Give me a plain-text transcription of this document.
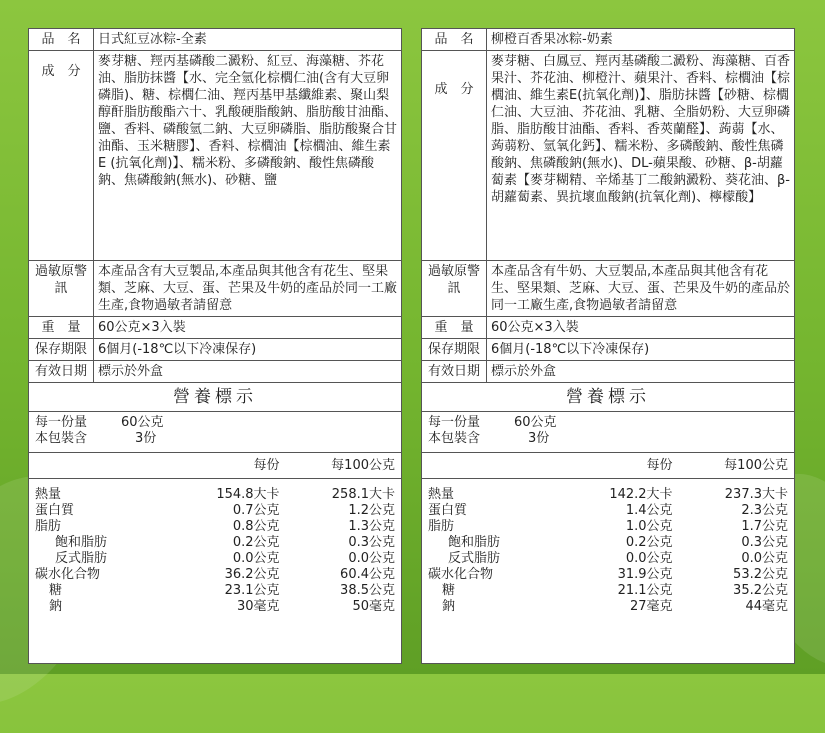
品　名	日式紅豆冰粽-全素
成　分	麥芽糖、羥丙基磷酸二澱粉、紅豆、海藻糖、芥花油、脂肪抹醬【水、完全氫化棕櫚仁油(含有大豆卵磷脂)、糖、棕櫚仁油、羥丙基甲基纖維素、聚山梨醇酐脂肪酸酯六十、乳酸硬脂酸鈉、脂肪酸甘油酯、鹽、香料、磷酸氫二鈉、大豆卵磷脂、脂肪酸聚合甘油酯、玉米糖膠】、香料、棕櫚油【棕櫚油、維生素E (抗氧化劑)】、糯米粉、多磷酸鈉、酸性焦磷酸鈉、焦磷酸鈉(無水)、砂糖、鹽
過敏原警訊	本產品含有大豆製品,本產品與其他含有花生、堅果類、芝麻、大豆、蛋、芒果及牛奶的產品於同一工廠生產,食物過敏者請留意
重　量	60公克×3入裝
保存期限	6個月(-18℃以下冷凍保存)
有效日期	標示於外盒
營養標示
每一份量	60公克
本包裝含	3份
	每份	每100公克
熱量	154.8大卡	258.1大卡
蛋白質	0.7公克	1.2公克
脂肪	0.8公克	1.3公克
飽和脂肪	0.2公克	0.3公克
反式脂肪	0.0公克	0.0公克
碳水化合物	36.2公克	60.4公克
糖	23.1公克	38.5公克
鈉	30毫克	50毫克
品　名	柳橙百香果冰粽-奶素
成　分	麥芽糖、白鳳豆、羥丙基磷酸二澱粉、海藻糖、百香果汁、芥花油、柳橙汁、蘋果汁、香料、棕櫚油【棕櫚油、維生素E(抗氧化劑)】、脂肪抹醬【砂糖、棕櫚仁油、大豆油、芥花油、乳糖、全脂奶粉、大豆卵磷脂、脂肪酸甘油酯、香料、香莢蘭醛】、蒟蒻【水、蒟蒻粉、氫氧化鈣】、糯米粉、多磷酸鈉、酸性焦磷酸鈉、焦磷酸鈉(無水)、DL-蘋果酸、砂糖、β-胡蘿蔔素【麥芽糊精、辛烯基丁二酸鈉澱粉、葵花油、β-胡蘿蔔素、異抗壞血酸鈉(抗氧化劑)、檸檬酸】
過敏原警訊	本產品含有牛奶、大豆製品,本產品與其他含有花生、堅果類、芝麻、大豆、蛋、芒果及牛奶的產品於同一工廠生產,食物過敏者請留意
重　量	60公克×3入裝
保存期限	6個月(-18℃以下冷凍保存)
有效日期	標示於外盒
營養標示
每一份量	60公克
本包裝含	3份
	每份	每100公克
熱量	142.2大卡	237.3大卡
蛋白質	1.4公克	2.3公克
脂肪	1.0公克	1.7公克
飽和脂肪	0.2公克	0.3公克
反式脂肪	0.0公克	0.0公克
碳水化合物	31.9公克	53.2公克
糖	21.1公克	35.2公克
鈉	27毫克	44毫克
